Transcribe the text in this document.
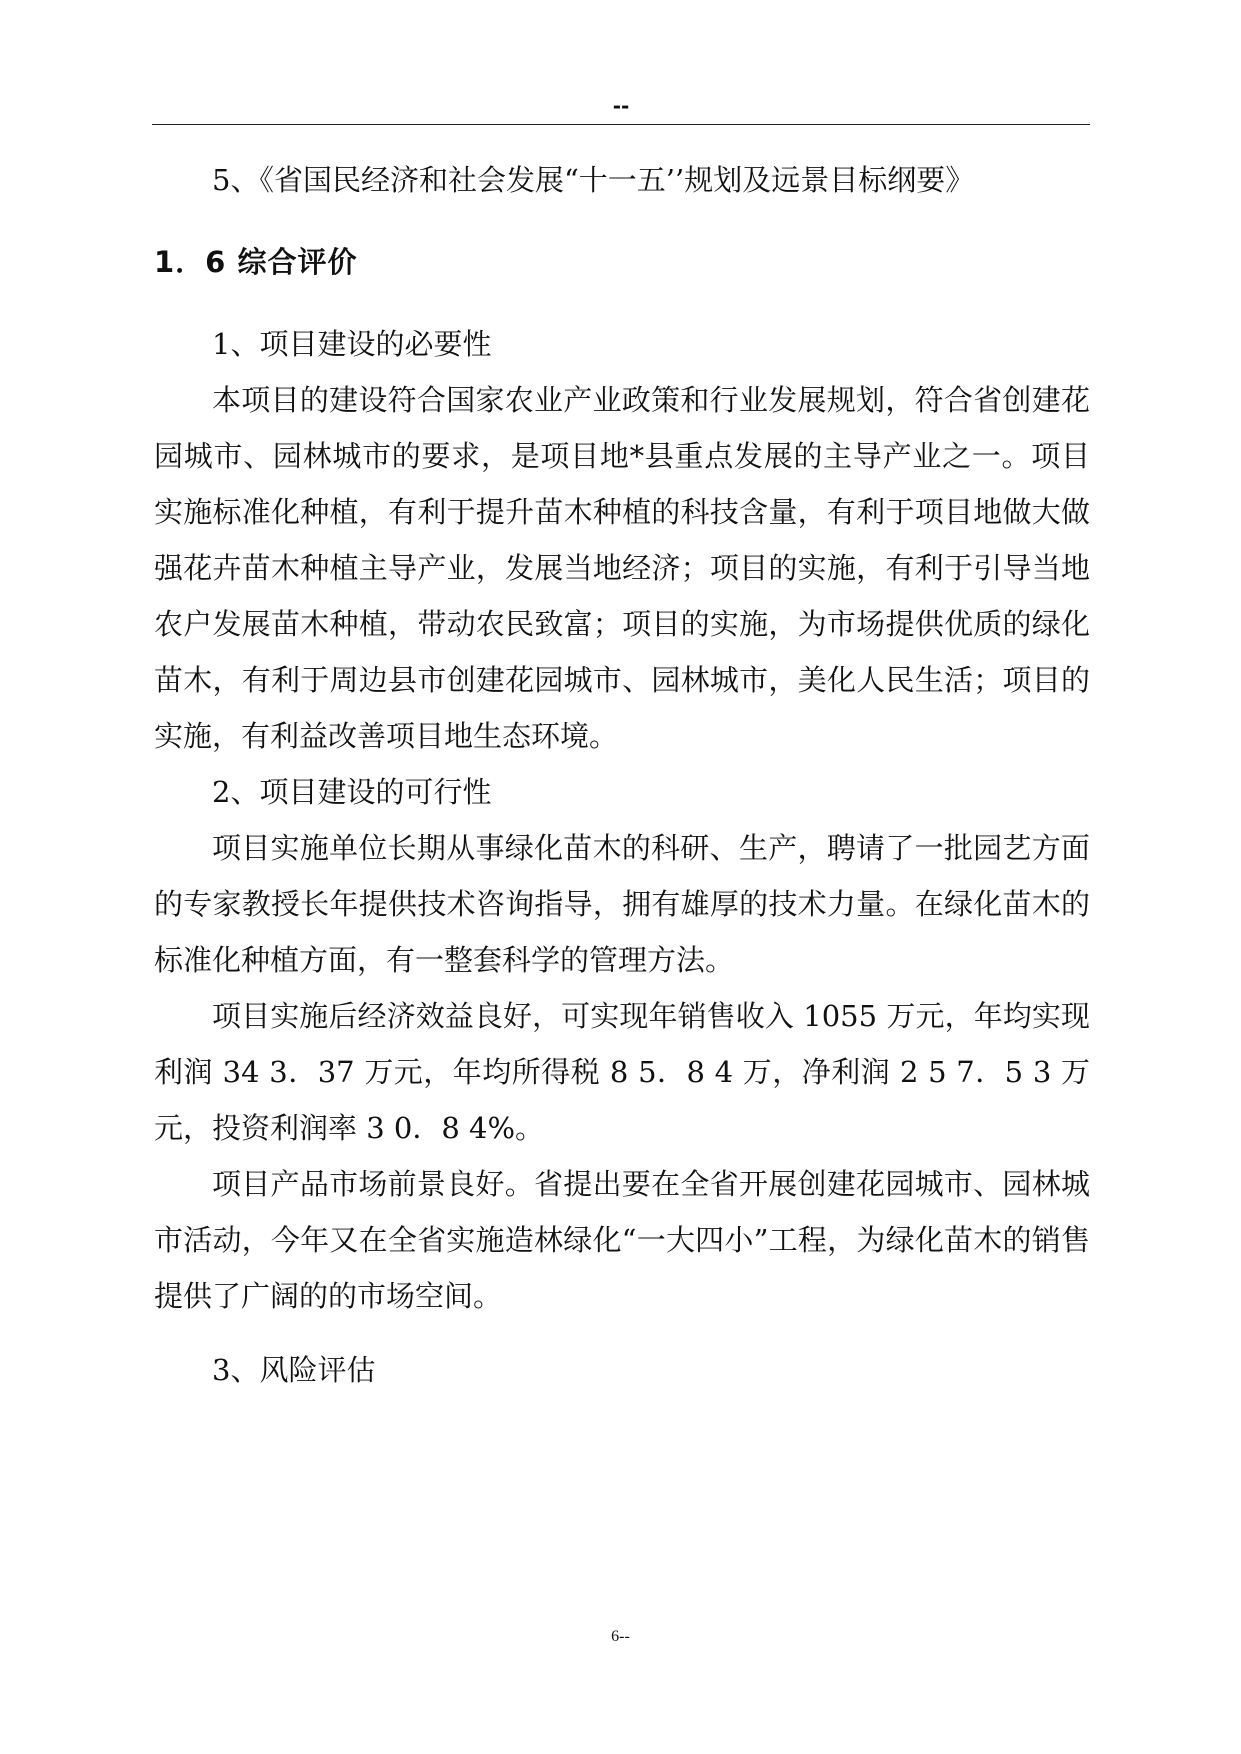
--

5、《省国民经济和社会发展“十一五’’规划及远景目标纲要》

1．6 综合评价

1、项目建设的必要性

本项目的建设符合国家农业产业政策和行业发展规划，符合省创建花园城市、园林城市的要求，是项目地*县重点发展的主导产业之一。项目实施标准化种植，有利于提升苗木种植的科技含量，有利于项目地做大做强花卉苗木种植主导产业，发展当地经济；项目的实施，有利于引导当地农户发展苗木种植，带动农民致富；项目的实施，为市场提供优质的绿化苗木，有利于周边县市创建花园城市、园林城市，美化人民生活；项目的实施，有利益改善项目地生态环境。

2、项目建设的可行性

项目实施单位长期从事绿化苗木的科研、生产，聘请了一批园艺方面的专家教授长年提供技术咨询指导，拥有雄厚的技术力量。在绿化苗木的标准化种植方面，有一整套科学的管理方法。

项目实施后经济效益良好，可实现年销售收入 1055 万元，年均实现利润 34 3．37 万元，年均所得税 8 5．8 4 万，净利润 2 5 7．5 3 万元，投资利润率 3 0．8 4%。

项目产品市场前景良好。省提出要在全省开展创建花园城市、园林城市活动，今年又在全省实施造林绿化“一大四小”工程，为绿化苗木的销售提供了广阔的的市场空间。

3、风险评估

6--
